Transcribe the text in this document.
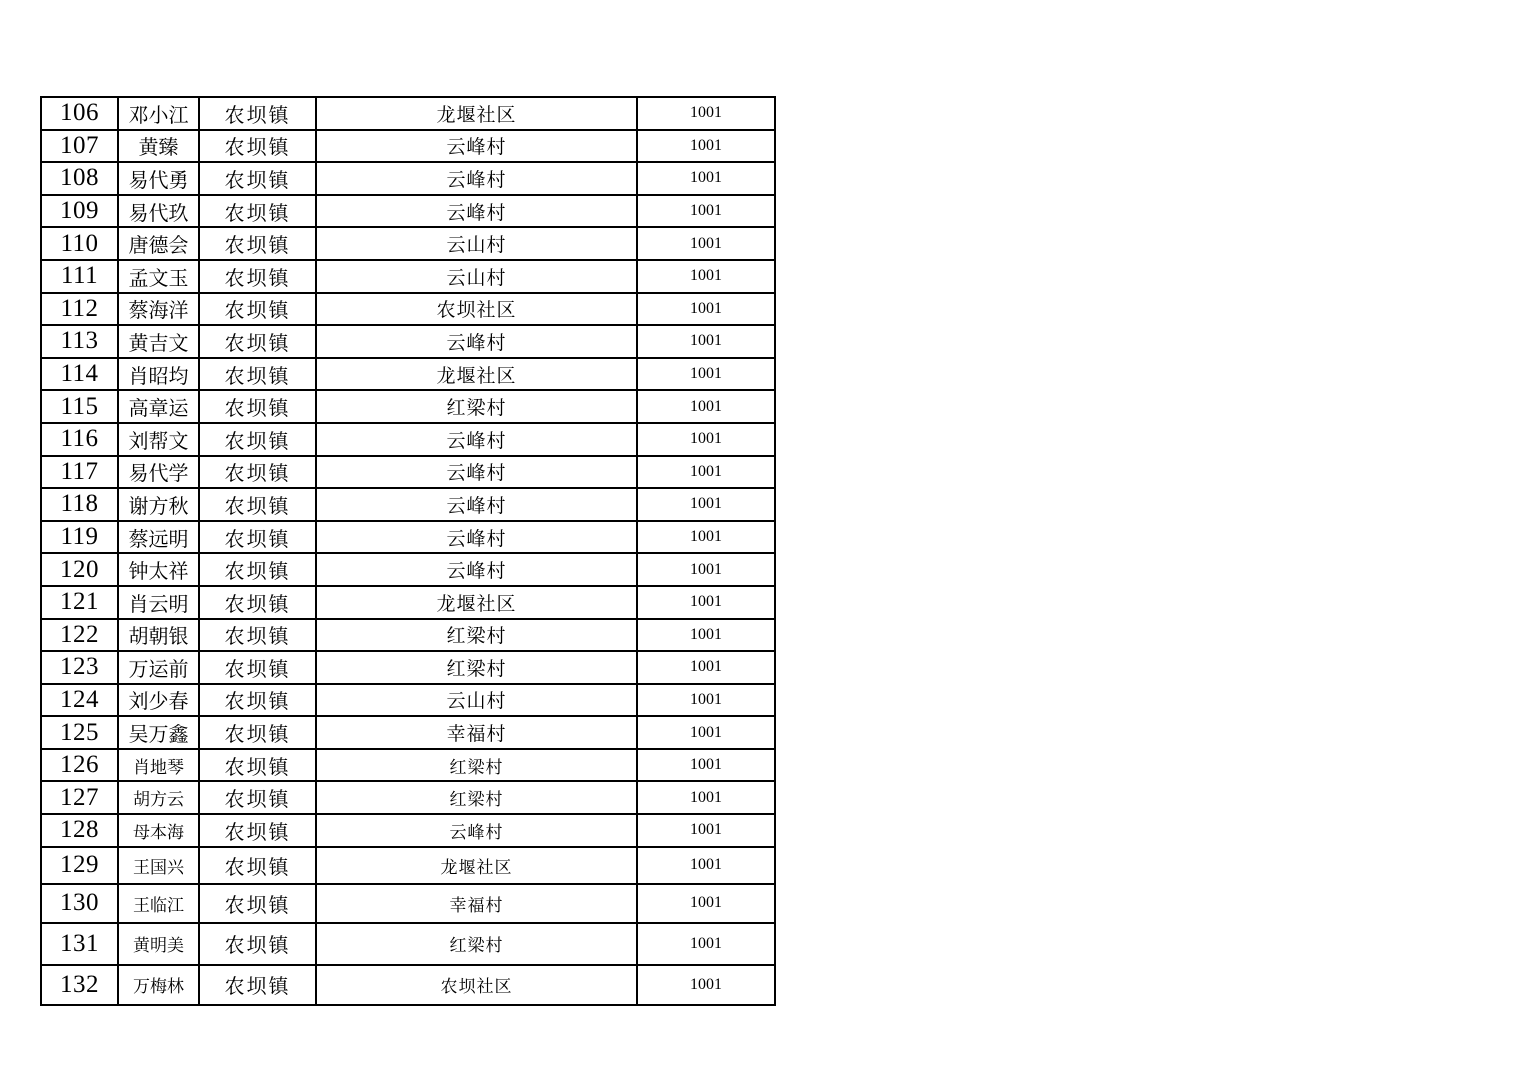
106	邓小江	农坝镇	龙堰社区	1001
107	黄臻	农坝镇	云峰村	1001
108	易代勇	农坝镇	云峰村	1001
109	易代玖	农坝镇	云峰村	1001
110	唐德会	农坝镇	云山村	1001
111	孟文玉	农坝镇	云山村	1001
112	蔡海洋	农坝镇	农坝社区	1001
113	黄吉文	农坝镇	云峰村	1001
114	肖昭均	农坝镇	龙堰社区	1001
115	高章运	农坝镇	红梁村	1001
116	刘帮文	农坝镇	云峰村	1001
117	易代学	农坝镇	云峰村	1001
118	谢方秋	农坝镇	云峰村	1001
119	蔡远明	农坝镇	云峰村	1001
120	钟太祥	农坝镇	云峰村	1001
121	肖云明	农坝镇	龙堰社区	1001
122	胡朝银	农坝镇	红梁村	1001
123	万运前	农坝镇	红梁村	1001
124	刘少春	农坝镇	云山村	1001
125	吴万鑫	农坝镇	幸福村	1001
126	肖地琴	农坝镇	红梁村	1001
127	胡方云	农坝镇	红梁村	1001
128	母本海	农坝镇	云峰村	1001
129	王国兴	农坝镇	龙堰社区	1001
130	王临江	农坝镇	幸福村	1001
131	黄明美	农坝镇	红梁村	1001
132	万梅林	农坝镇	农坝社区	1001
